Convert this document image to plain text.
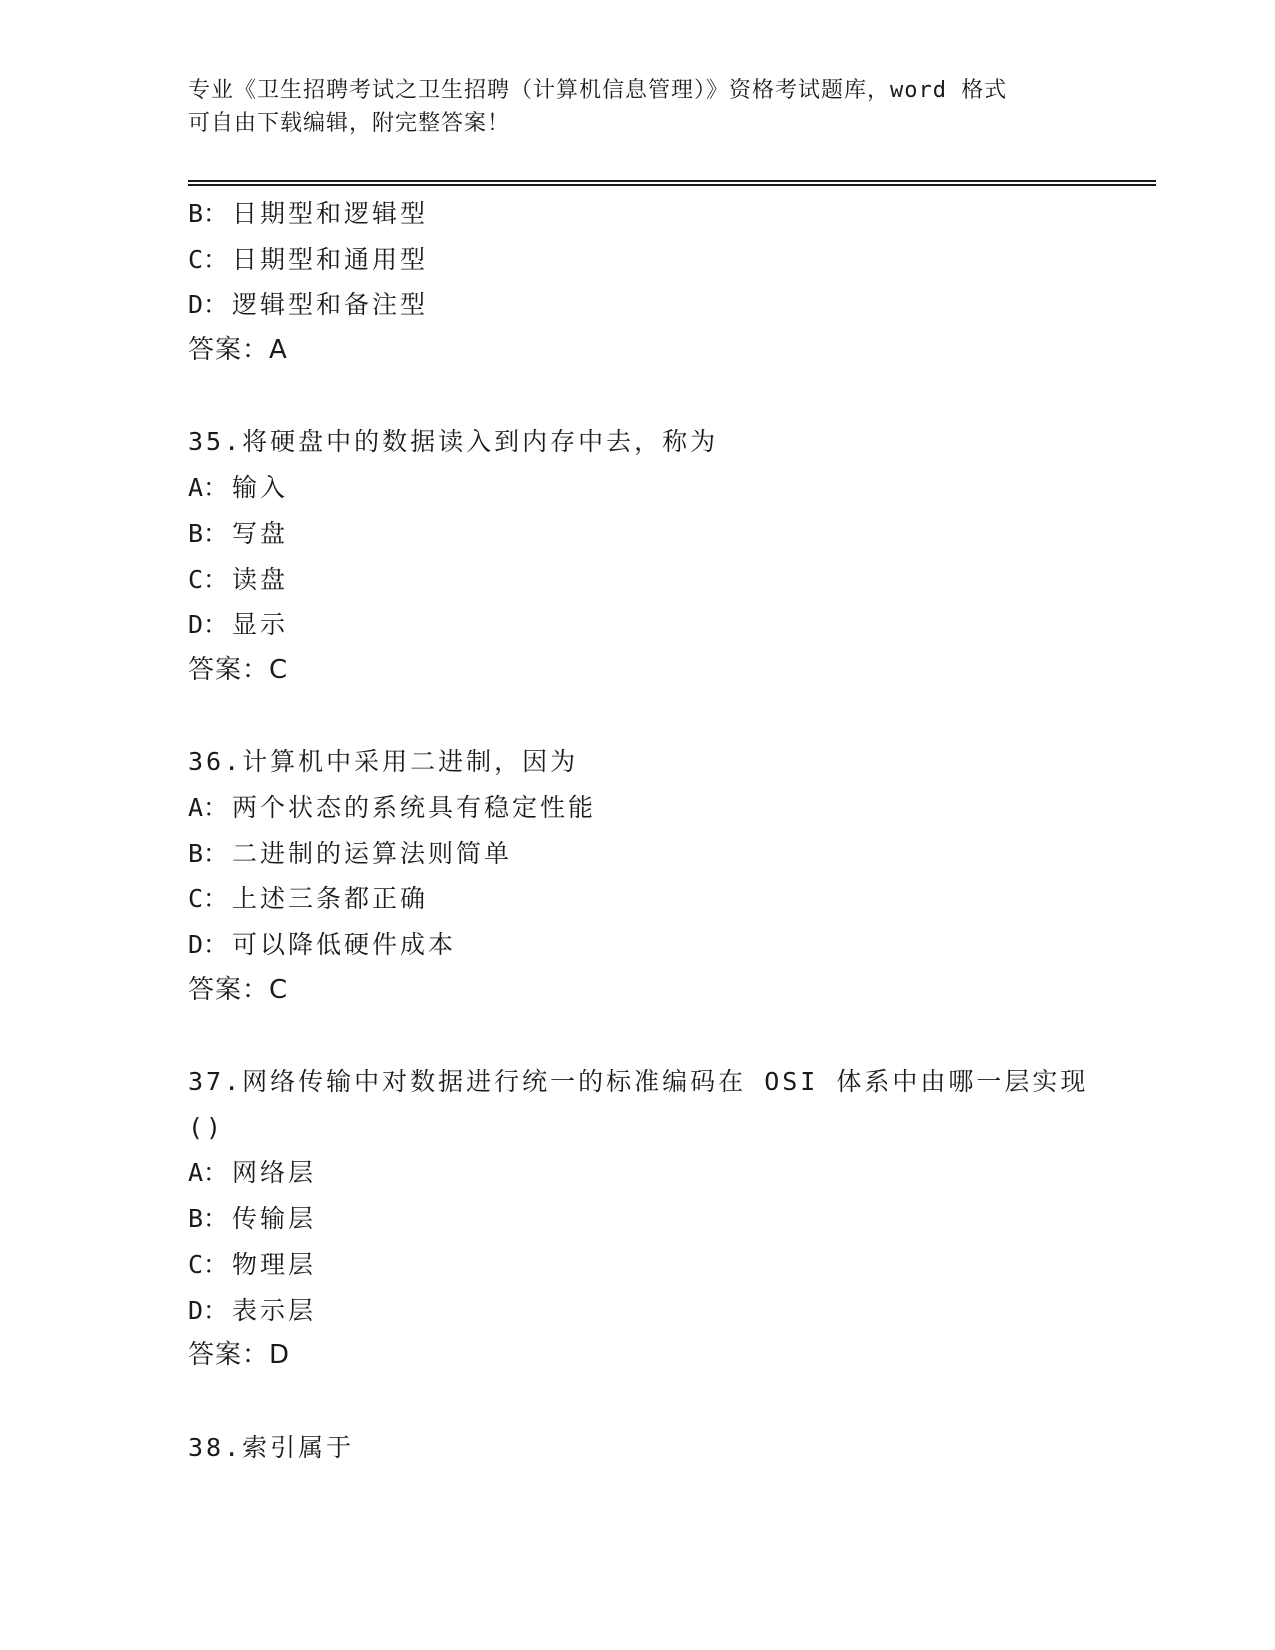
专业《卫生招聘考试之卫生招聘（计算机信息管理）》资格考试题库，word 格式
可自由下载编辑，附完整答案！
B： 日期型和逻辑型
C： 日期型和通用型
D： 逻辑型和备注型
答案：A
35.将硬盘中的数据读入到内存中去，称为
A： 输入
B： 写盘
C： 读盘
D： 显示
答案：C
36.计算机中采用二进制，因为
A： 两个状态的系统具有稳定性能
B： 二进制的运算法则简单
C： 上述三条都正确
D： 可以降低硬件成本
答案：C
37.网络传输中对数据进行统一的标准编码在 OSI 体系中由哪一层实现
()
A： 网络层
B： 传输层
C： 物理层
D： 表示层
答案：D
38.索引属于
